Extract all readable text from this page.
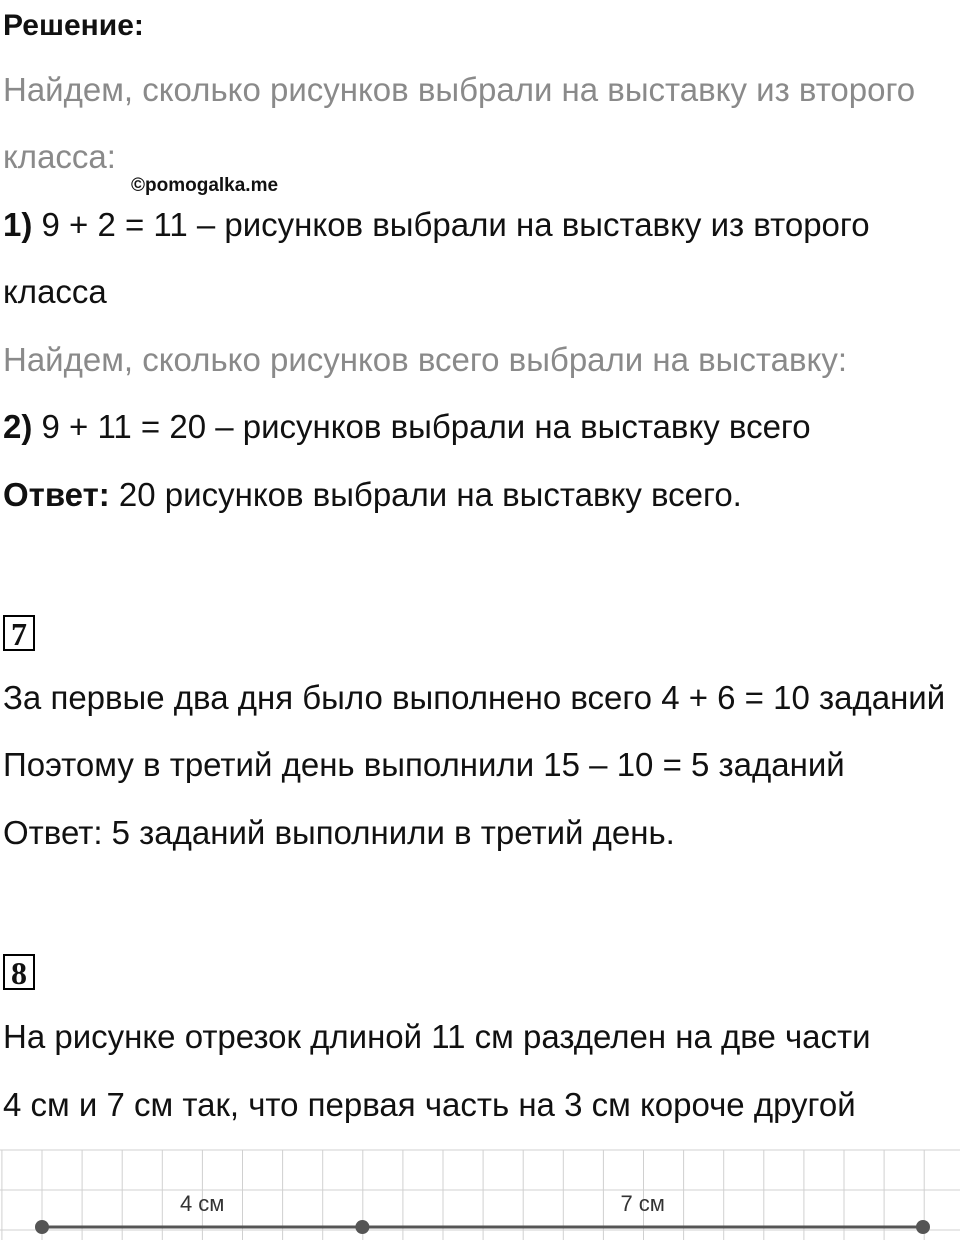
Решение:
Найдем, сколько рисунков выбрали на выставку из второго
класса:
©pomogalka.me
1) 9 + 2 = 11 – рисунков выбрали на выставку из второго
класса
Найдем, сколько рисунков всего выбрали на выставку:
2) 9 + 11 = 20 – рисунков выбрали на выставку всего
Ответ: 20 рисунков выбрали на выставку всего.
7
За первые два дня было выполнено всего 4 + 6 = 10 заданий
Поэтому в третий день выполнили 15 – 10 = 5 заданий
Ответ: 5 заданий выполнили в третий день.
8
На рисунке отрезок длиной 11 см разделен на две части
4 см и 7 см так, что первая часть на 3 см короче другой
4 см	7 см
